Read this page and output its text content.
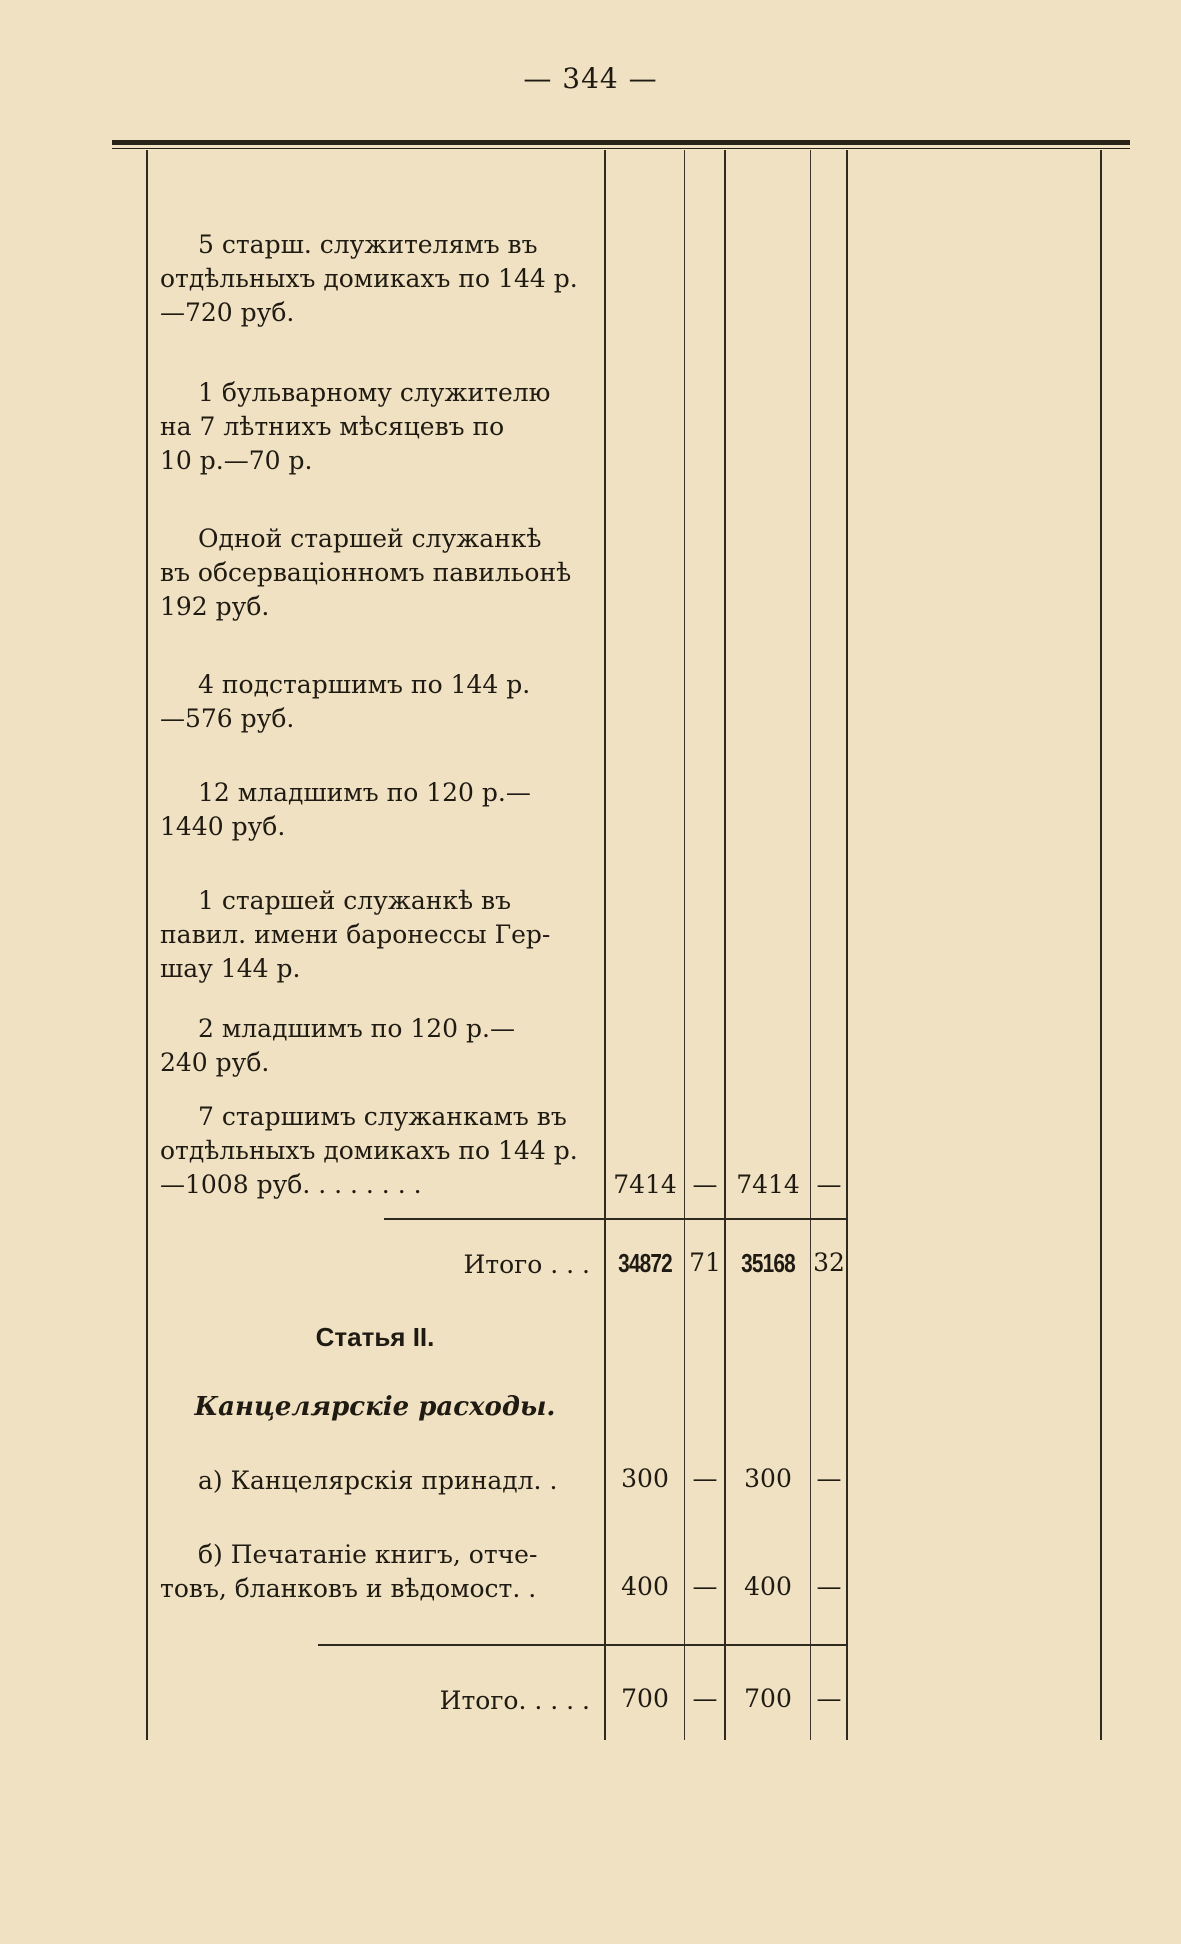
— 344 —
5 старш. служителямъ въ
отдѣльныхъ домикахъ по 144 р.
—720 руб.
1 бульварному служителю
на 7 лѣтнихъ мѣсяцевъ по
10 р.—70 р.
Одной старшей служанкѣ
въ обсерваціонномъ павильонѣ
192 руб.
4 подстаршимъ по 144 р.
—576 руб.
12 младшимъ по 120 р.—
1440 руб.
1 старшей служанкѣ въ
павил. имени баронессы Гер-
шау 144 р.
2 младшимъ по 120 р.—
240 руб.
7 старшимъ служанкамъ въ
отдѣльныхъ домикахъ по 144 р.
—1008 руб. . . . . . . .	7414 — 7414 —
Итого . . . 34872 71 35168 32
Статья II.
Канцелярскіе расходы.
а) Канцелярскія принадл. .	300 —	300 —
б) Печатаніе книгъ, отче-
товъ, бланковъ и вѣдомост. .	400 —	400 —
Итого. . . . .	700 —	700 —
